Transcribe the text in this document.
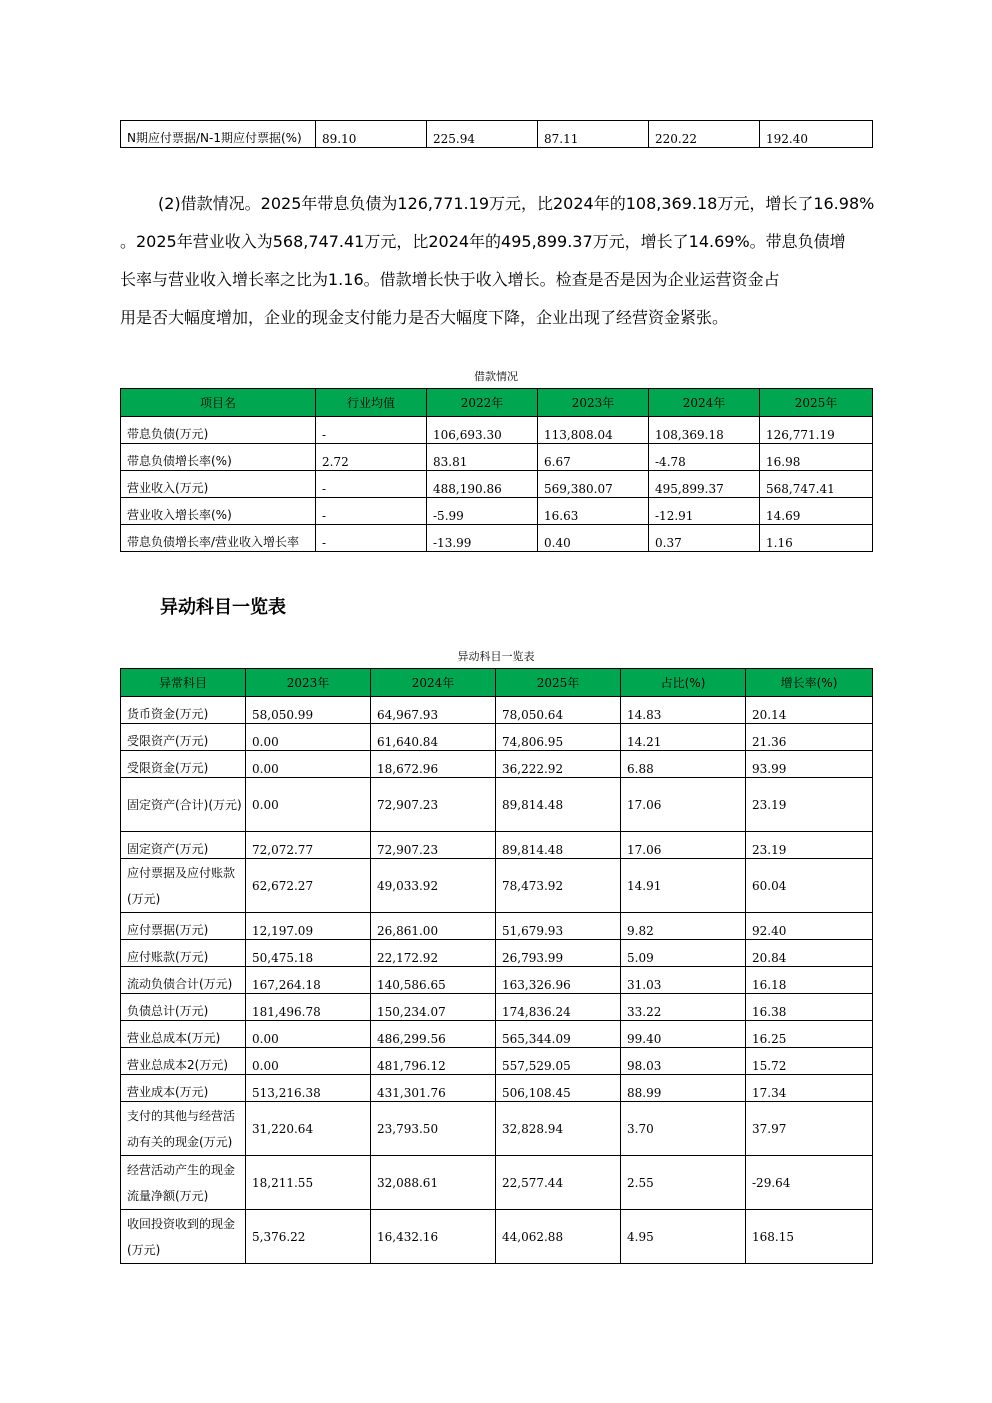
N期应付票据/N-1期应付票据(%)	89.10	225.94	87.11	220.22	192.40
(2)借款情况。2025年带息负债为126,771.19万元，比2024年的108,369.18万元，增长了16.98%
。2025年营业收入为568,747.41万元，比2024年的495,899.37万元，增长了14.69%。带息负债增
长率与营业收入增长率之比为1.16。借款增长快于收入增长。检查是否是因为企业运营资金占
用是否大幅度增加，企业的现金支付能力是否大幅度下降，企业出现了经营资金紧张。
借款情况
项目名	行业均值	2022年	2023年	2024年	2025年
带息负债(万元)	-	106,693.30	113,808.04	108,369.18	126,771.19
带息负债增长率(%)	2.72	83.81	6.67	-4.78	16.98
营业收入(万元)	-	488,190.86	569,380.07	495,899.37	568,747.41
营业收入增长率(%)	-	-5.99	16.63	-12.91	14.69
带息负债增长率/营业收入增长率	-	-13.99	0.40	0.37	1.16
异动科目一览表
异动科目一览表
异常科目	2023年	2024年	2025年	占比(%)	增长率(%)
货币资金(万元)	58,050.99	64,967.93	78,050.64	14.83	20.14
受限资产(万元)	0.00	61,640.84	74,806.95	14.21	21.36
受限资金(万元)	0.00	18,672.96	36,222.92	6.88	93.99
固定资产(合计)(万元)	0.00	72,907.23	89,814.48	17.06	23.19
固定资产(万元)	72,072.77	72,907.23	89,814.48	17.06	23.19
应付票据及应付账款(万元)	62,672.27	49,033.92	78,473.92	14.91	60.04
应付票据(万元)	12,197.09	26,861.00	51,679.93	9.82	92.40
应付账款(万元)	50,475.18	22,172.92	26,793.99	5.09	20.84
流动负债合计(万元)	167,264.18	140,586.65	163,326.96	31.03	16.18
负债总计(万元)	181,496.78	150,234.07	174,836.24	33.22	16.38
营业总成本(万元)	0.00	486,299.56	565,344.09	99.40	16.25
营业总成本2(万元)	0.00	481,796.12	557,529.05	98.03	15.72
营业成本(万元)	513,216.38	431,301.76	506,108.45	88.99	17.34
支付的其他与经营活动有关的现金(万元)	31,220.64	23,793.50	32,828.94	3.70	37.97
经营活动产生的现金流量净额(万元)	18,211.55	32,088.61	22,577.44	2.55	-29.64
收回投资收到的现金(万元)	5,376.22	16,432.16	44,062.88	4.95	168.15
